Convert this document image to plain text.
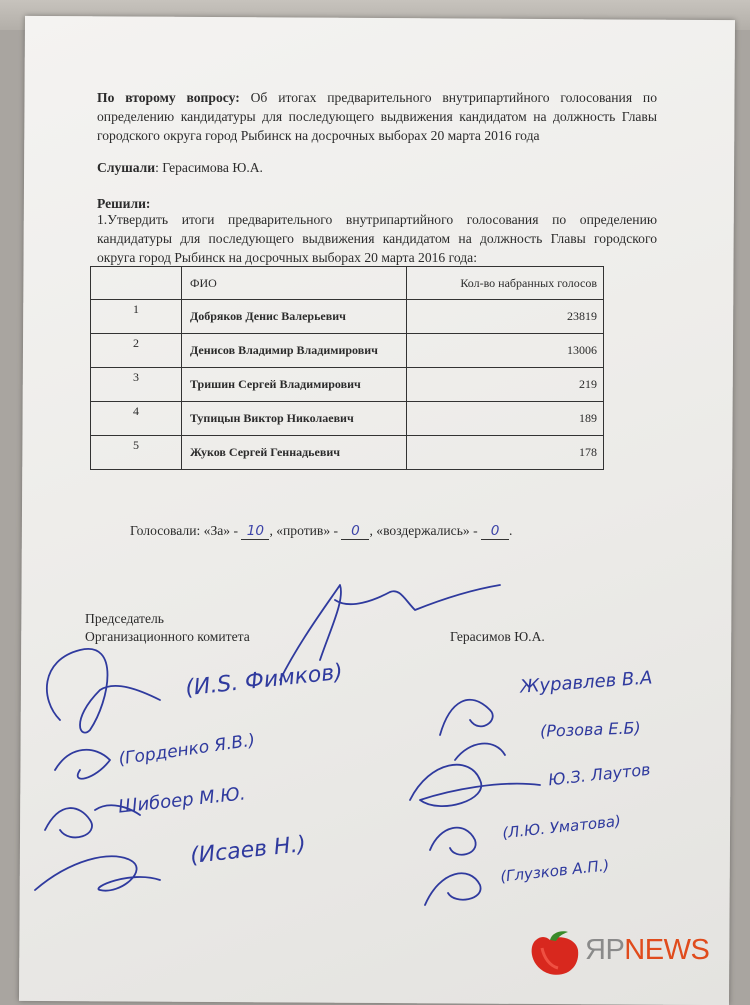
По второму вопросу: Об итогах предварительного внутрипартийного голосования по определению кандидатуры для последующего выдвижения кандидатом на должность Главы городского округа город Рыбинск на досрочных выборах 20 марта 2016 года
Слушали: Герасимова Ю.А.
Решили:
1.Утвердить итоги предварительного внутрипартийного голосования по определению кандидатуры для последующего выдвижения кандидатом на должность Главы городского округа город Рыбинск на досрочных выборах 20 марта 2016 года:
	ФИО	Кол-во набранных голосов

1	Добряков Денис Валерьевич	23819

2	Денисов Владимир Владимирович	13006

3	Тришин Сергей Владимирович	219

4	Тупицын Виктор Николаевич	189

5	Жуков Сергей Геннадьевич	178
Голосовали: «За» - 10 , «против» - 0 , «воздержались» - 0 .
Председатель
Организационного комитета	Герасимов Ю.А.
(И.S. Фимков)
(Горденко Я.В.)
Шибоер М.Ю.
(Исаев Н.)
Журавлев В.А
(Розова Е.Б)
Ю.З. Лаутов
(Л.Ю. Уматова)
(Глузков А.П.)
ЯРNEWS
